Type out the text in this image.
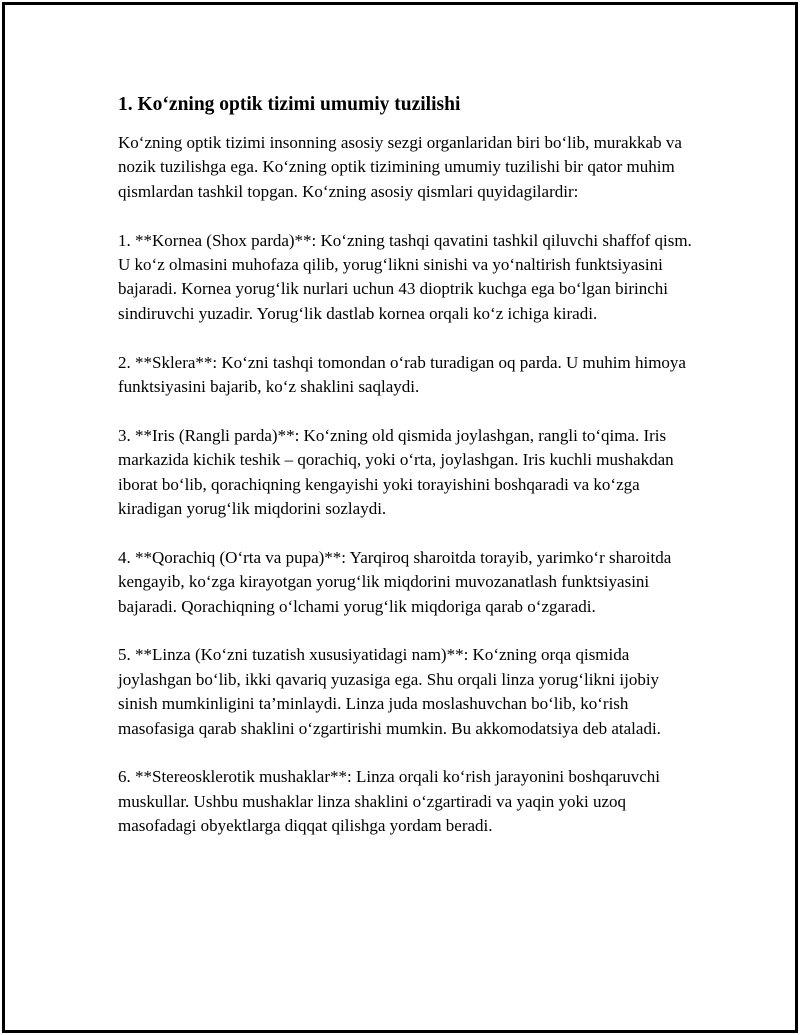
1. Ko‘zning optik tizimi umumiy tuzilishi

Ko‘zning optik tizimi insonning asosiy sezgi organlaridan biri bo‘lib, murakkab va nozik tuzilishga ega. Ko‘zning optik tizimining umumiy tuzilishi bir qator muhim qismlardan tashkil topgan. Ko‘zning asosiy qismlari quyidagilardir:

1. **Kornea (Shox parda)**: Ko‘zning tashqi qavatini tashkil qiluvchi shaffof qism. U ko‘z olmasini muhofaza qilib, yorug‘likni sinishi va yo‘naltirish funktsiyasini bajaradi. Kornea yorug‘lik nurlari uchun 43 dioptrik kuchga ega bo‘lgan birinchi sindiruvchi yuzadir. Yorug‘lik dastlab kornea orqali ko‘z ichiga kiradi.

2. **Sklera**: Ko‘zni tashqi tomondan o‘rab turadigan oq parda. U muhim himoya funktsiyasini bajarib, ko‘z shaklini saqlaydi.

3. **Iris (Rangli parda)**: Ko‘zning old qismida joylashgan, rangli to‘qima. Iris markazida kichik teshik – qorachiq, yoki o‘rta, joylashgan. Iris kuchli mushakdan iborat bo‘lib, qorachiqning kengayishi yoki torayishini boshqaradi va ko‘zga kiradigan yorug‘lik miqdorini sozlaydi.

4. **Qorachiq (O‘rta va pupa)**: Yarqiroq sharoitda torayib, yarimko‘r sharoitda kengayib, ko‘zga kirayotgan yorug‘lik miqdorini muvozanatlash funktsiyasini bajaradi. Qorachiqning o‘lchami yorug‘lik miqdoriga qarab o‘zgaradi.

5. **Linza (Ko‘zni tuzatish xususiyatidagi nam)**: Ko‘zning orqa qismida joylashgan bo‘lib, ikki qavariq yuzasiga ega. Shu orqali linza yorug‘likni ijobiy sinish mumkinligini ta’minlaydi. Linza juda moslashuvchan bo‘lib, ko‘rish masofasiga qarab shaklini o‘zgartirishi mumkin. Bu akkomodatsiya deb ataladi.

6. **Stereosklerotik mushaklar**: Linza orqali ko‘rish jarayonini boshqaruvchi muskullar. Ushbu mushaklar linza shaklini o‘zgartiradi va yaqin yoki uzoq masofadagi obyektlarga diqqat qilishga yordam beradi.
